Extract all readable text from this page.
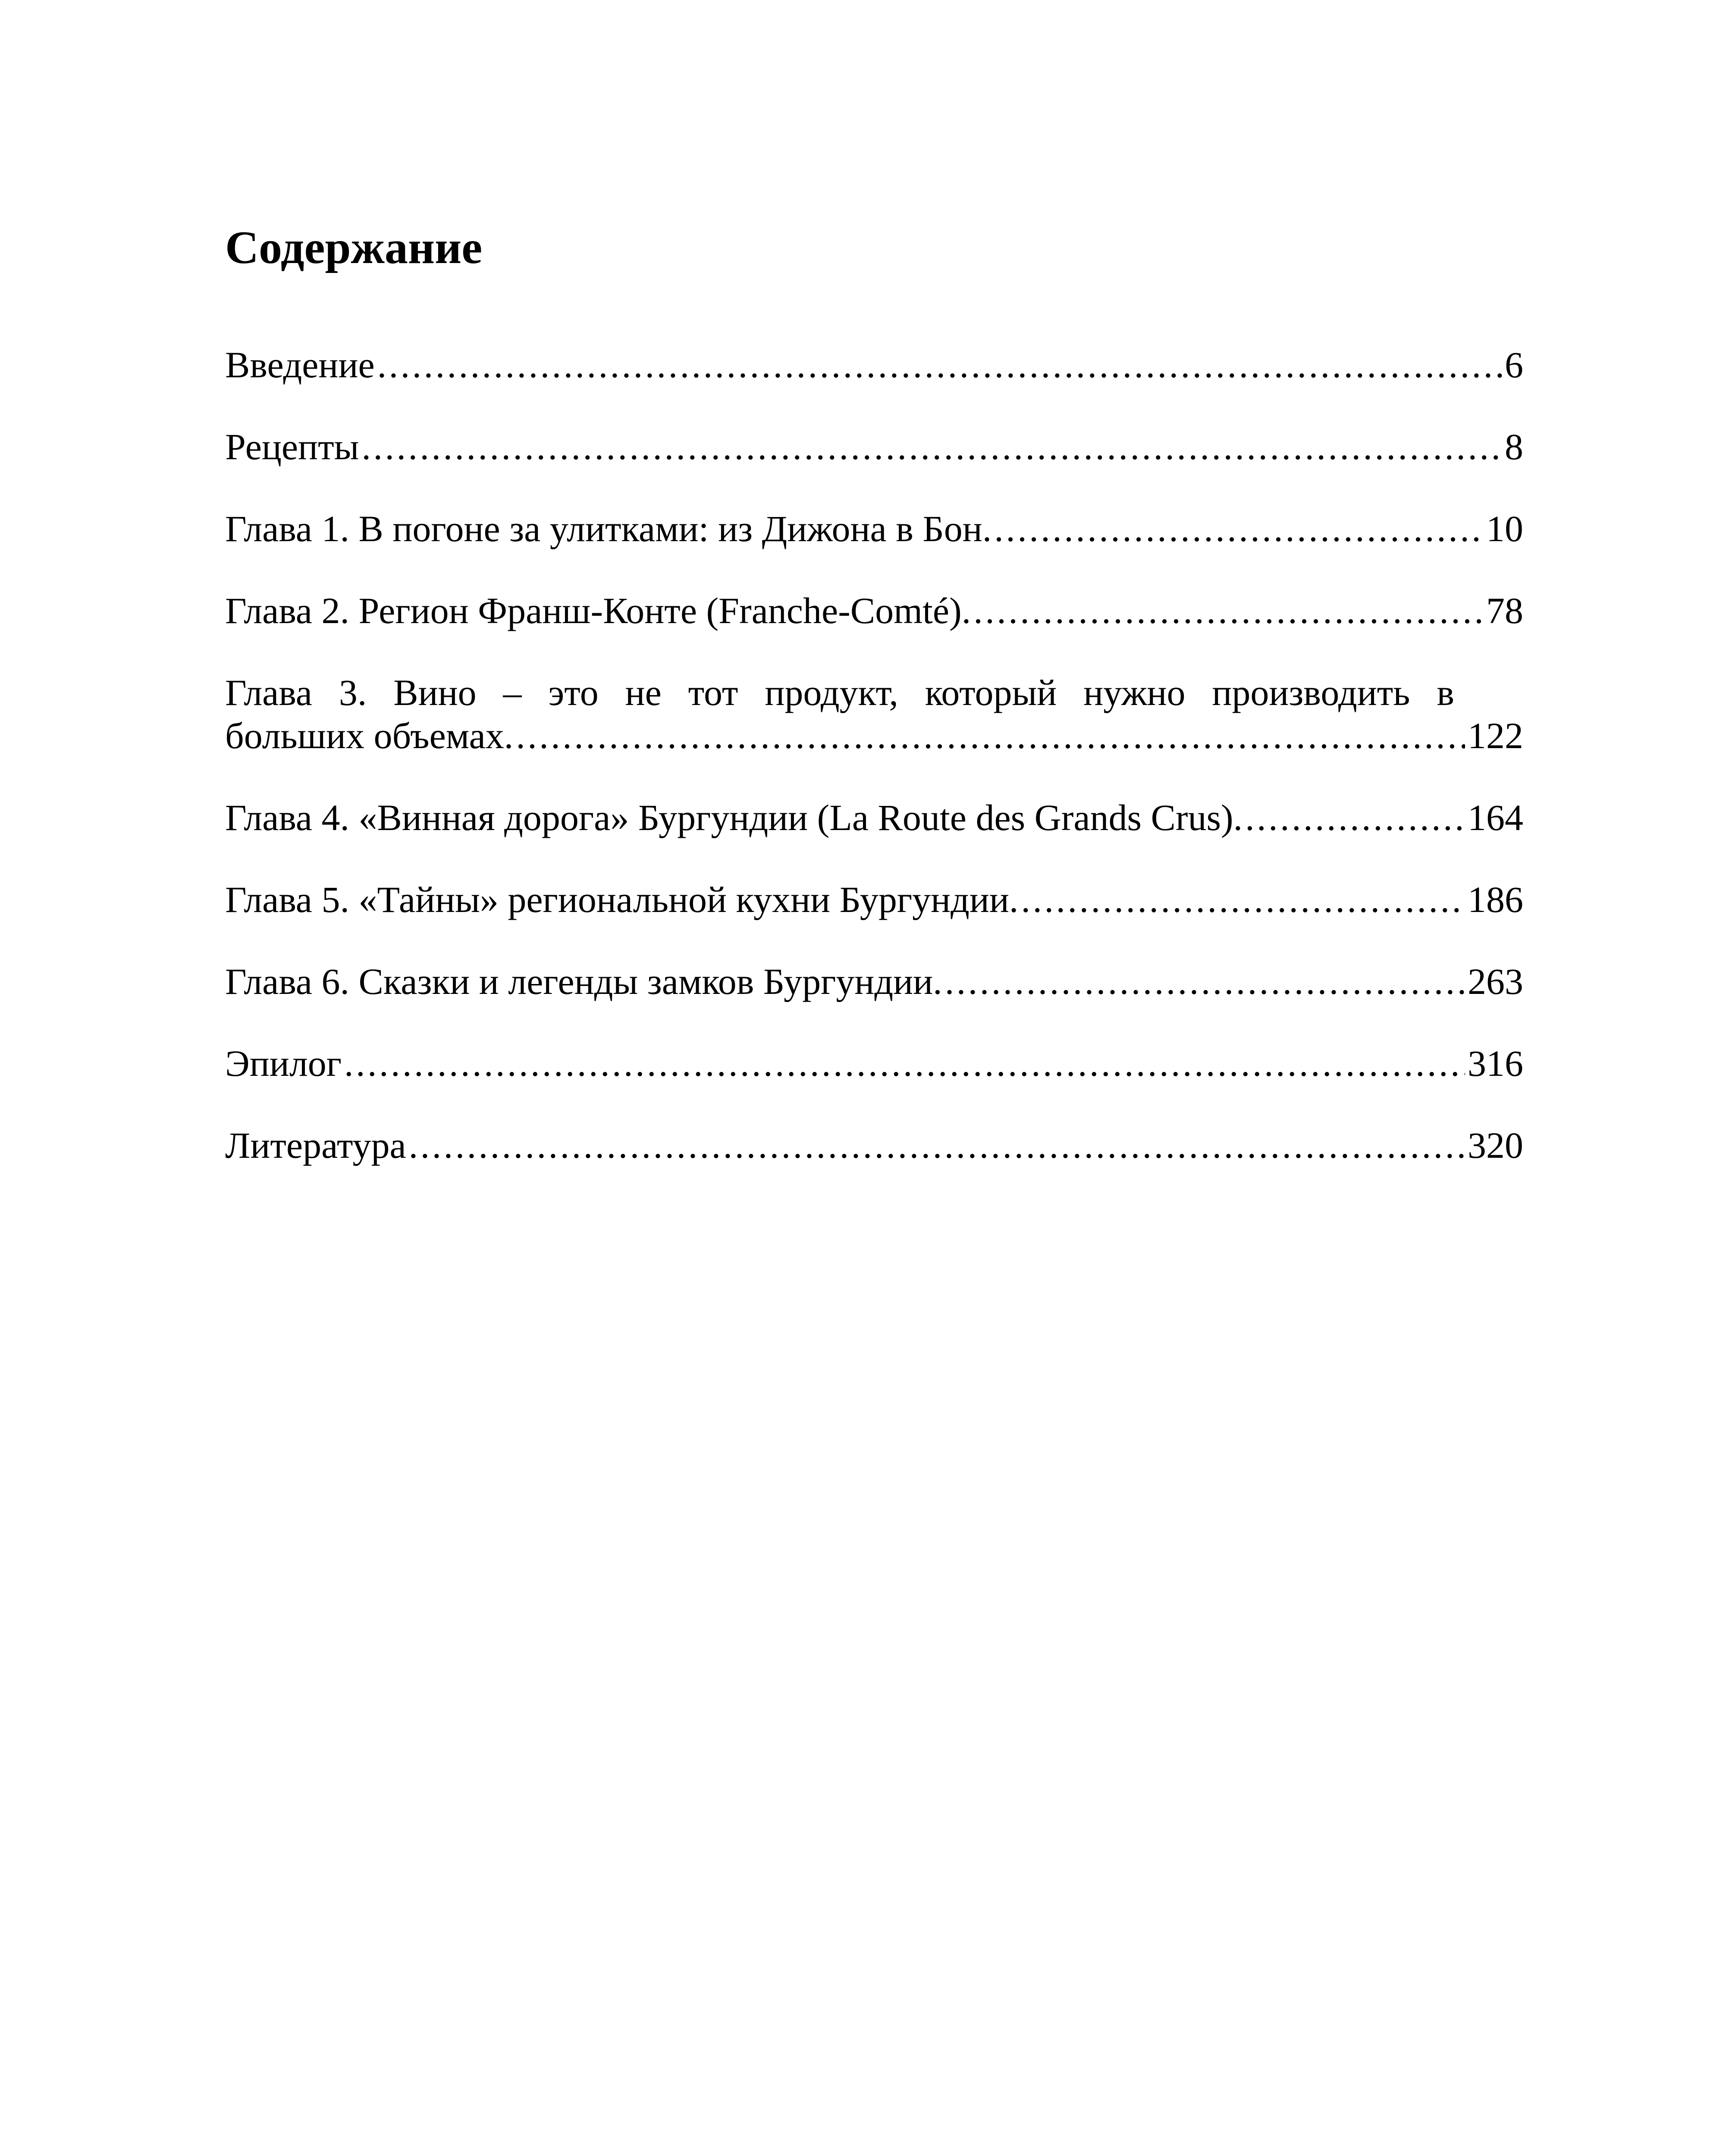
Содержание
Введение . . .	6
Рецепты . . .	8
Глава 1. В погоне за улитками: из Дижона в Бон. . . .	10
Глава 2. Регион Франш-Конте (Franche-Comté). . . .	78
Глава 3. Вино – это не тот продукт, который нужно производить в
больших объемах. . . .	122
Глава 4. «Винная дорога» Бургундии (La Route des Grands Crus). . . .	164
Глава 5. «Тайны» региональной кухни Бургундии. . . .	186
Глава 6. Сказки и легенды замков Бургундии. . . .	263
Эпилог . . .	316
Литература . . .	320
